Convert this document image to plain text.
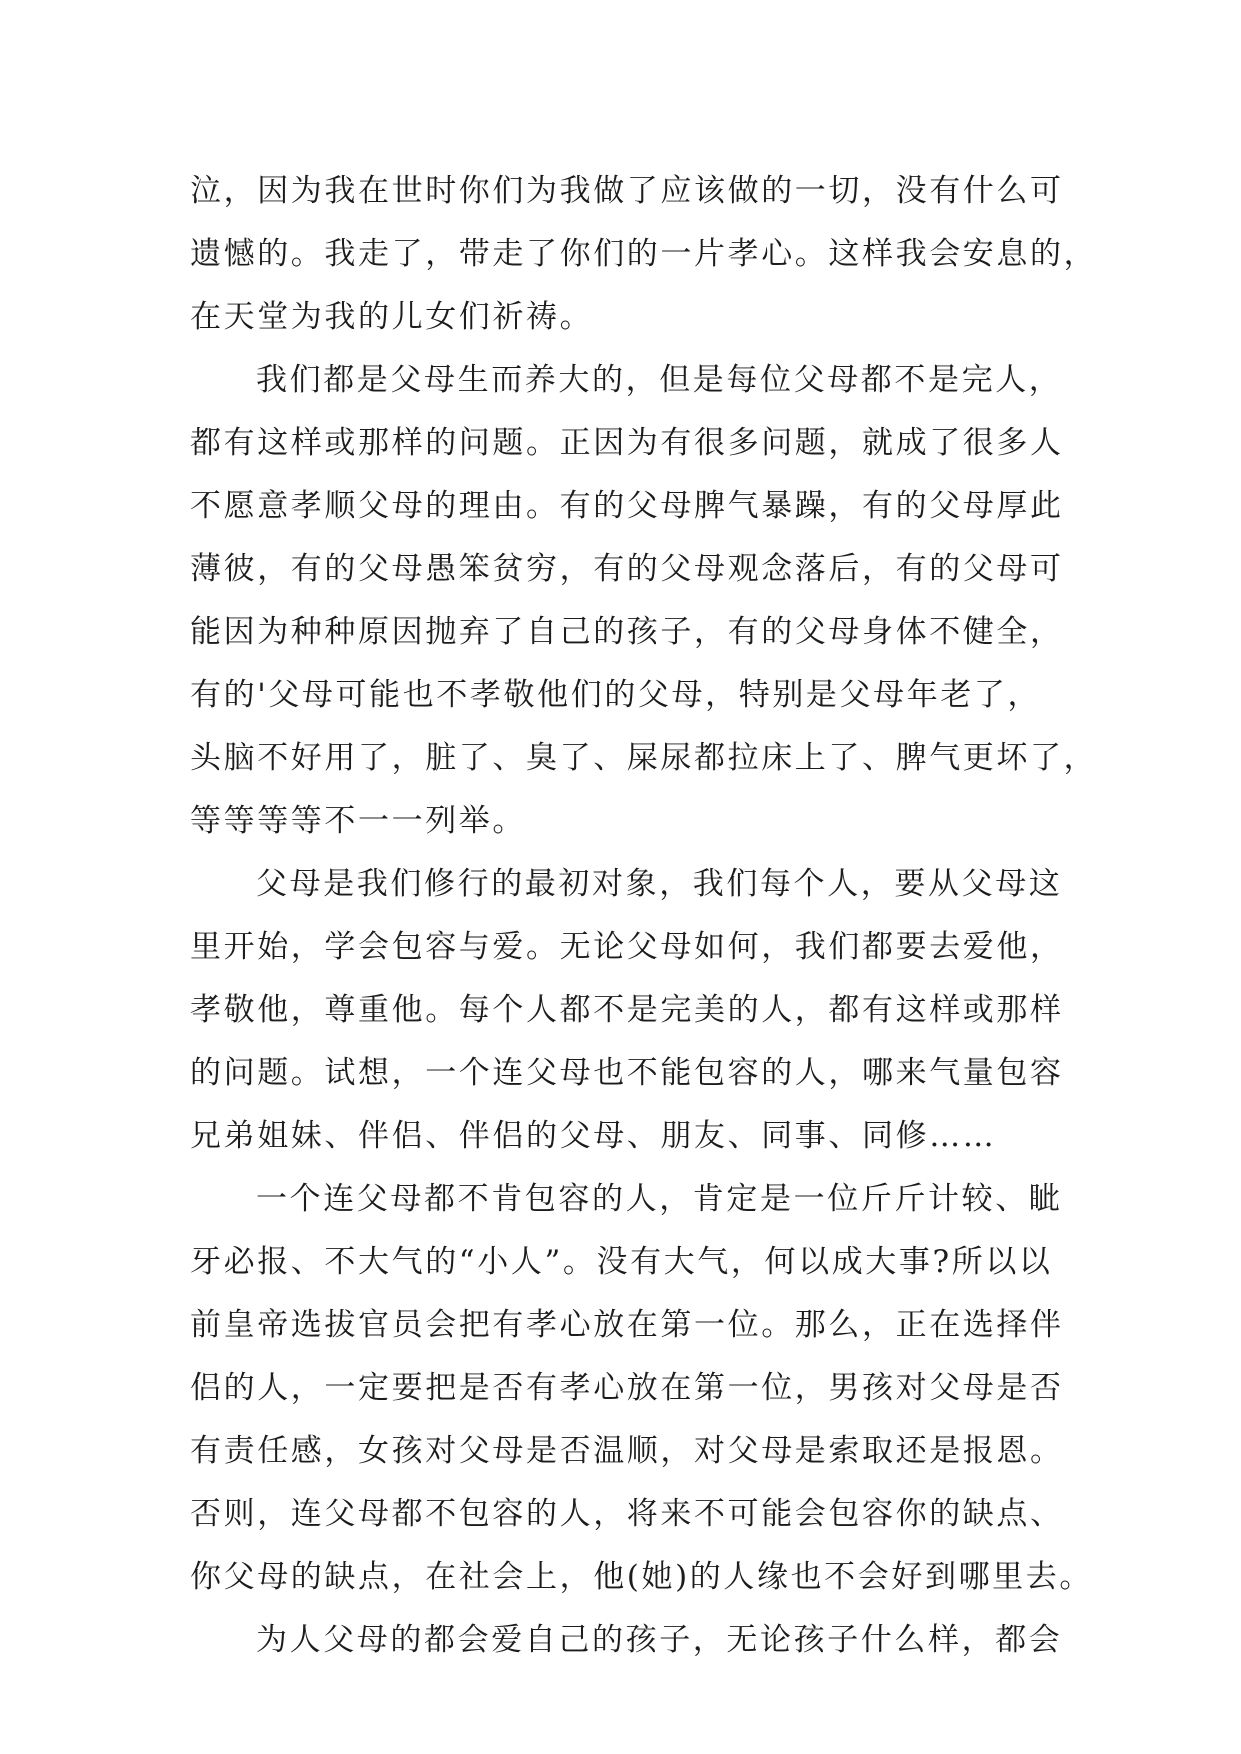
泣，因为我在世时你们为我做了应该做的一切，没有什么可
遗憾的。我走了，带走了你们的一片孝心。这样我会安息的，
在天堂为我的儿女们祈祷。
我们都是父母生而养大的，但是每位父母都不是完人，
都有这样或那样的问题。正因为有很多问题，就成了很多人
不愿意孝顺父母的理由。有的父母脾气暴躁，有的父母厚此
薄彼，有的父母愚笨贫穷，有的父母观念落后，有的父母可
能因为种种原因抛弃了自己的孩子，有的父母身体不健全，
有的'父母可能也不孝敬他们的父母，特别是父母年老了，
头脑不好用了，脏了、臭了、屎尿都拉床上了、脾气更坏了，
等等等等不一一列举。
父母是我们修行的最初对象，我们每个人，要从父母这
里开始，学会包容与爱。无论父母如何，我们都要去爱他，
孝敬他，尊重他。每个人都不是完美的人，都有这样或那样
的问题。试想，一个连父母也不能包容的人，哪来气量包容
兄弟姐妹、伴侣、伴侣的父母、朋友、同事、同修……
一个连父母都不肯包容的人，肯定是一位斤斤计较、眦
牙必报、不大气的“小人”。没有大气，何以成大事?所以以
前皇帝选拔官员会把有孝心放在第一位。那么，正在选择伴
侣的人，一定要把是否有孝心放在第一位，男孩对父母是否
有责任感，女孩对父母是否温顺，对父母是索取还是报恩。
否则，连父母都不包容的人，将来不可能会包容你的缺点、
你父母的缺点，在社会上，他(她)的人缘也不会好到哪里去。
为人父母的都会爱自己的孩子，无论孩子什么样，都会
